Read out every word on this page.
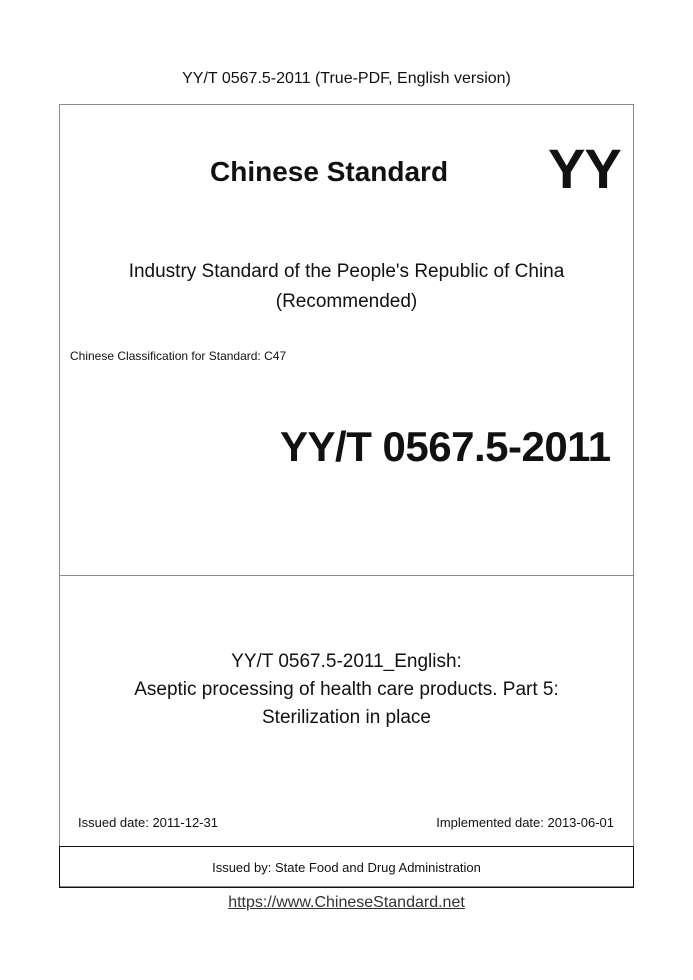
YY/T 0567.5-2011 (True-PDF, English version)
Chinese Standard YY
Industry Standard of the People's Republic of China
(Recommended)
Chinese Classification for Standard: C47
YY/T 0567.5-2011
YY/T 0567.5-2011_English:
Aseptic processing of health care products. Part 5:
Sterilization in place
Issued date: 2011-12-31	Implemented date: 2013-06-01
Issued by: State Food and Drug Administration
https://www.ChineseStandard.net
